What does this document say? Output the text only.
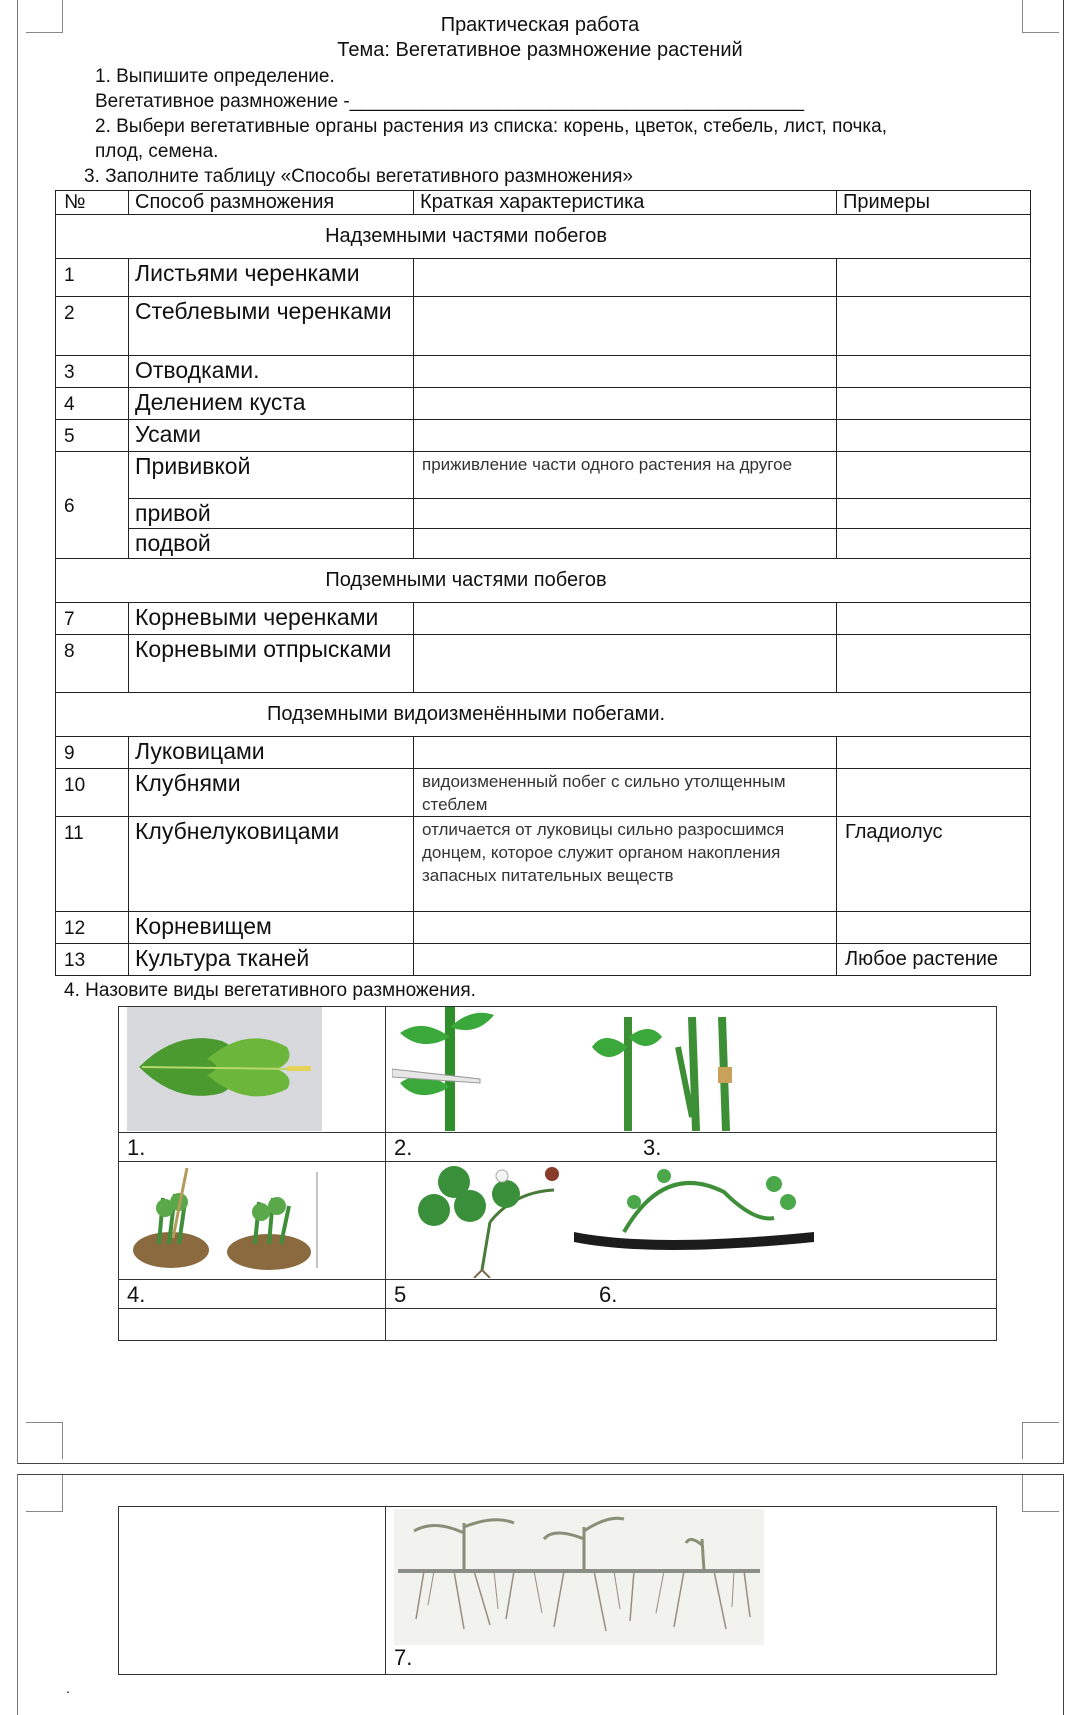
Практическая работа
Тема: Вегетативное размножение растений
1. Выпишите определение.
Вегетативное размножение -___________________________________________
2. Выбери вегетативные органы растения из списка: корень, цветок, стебель, лист, почка,
плод, семена.
3. Заполните таблицу «Способы вегетативного размножения»
№	Способ размножения	Краткая характеристика	Примеры
Надземными частями побегов			
1	Листьями черенками		
2	Стеблевыми черенками		
3	Отводками.		
4	Делением куста		
5	Усами		
6	Прививкой	приживление части одного растения на другое	
	привой		
	подвой		
Подземными частями побегов			
7	Корневыми черенками		
8	Корневыми отпрысками		
Подземными видоизменёнными побегами.			
9	Луковицами		
10	Клубнями	видоизмененный побег с сильно утолщенным стеблем	
11	Клубнелуковицами	отличается от луковицы сильно разросшимся донцем, которое служит органом накопления запасных питательных веществ	Гладиолус
12	Корневищем		
13	Культура тканей		Любое растение
4. Назовите виды вегетативного размножения.

1.	2. 3.

4.	5 6.

7.
.
